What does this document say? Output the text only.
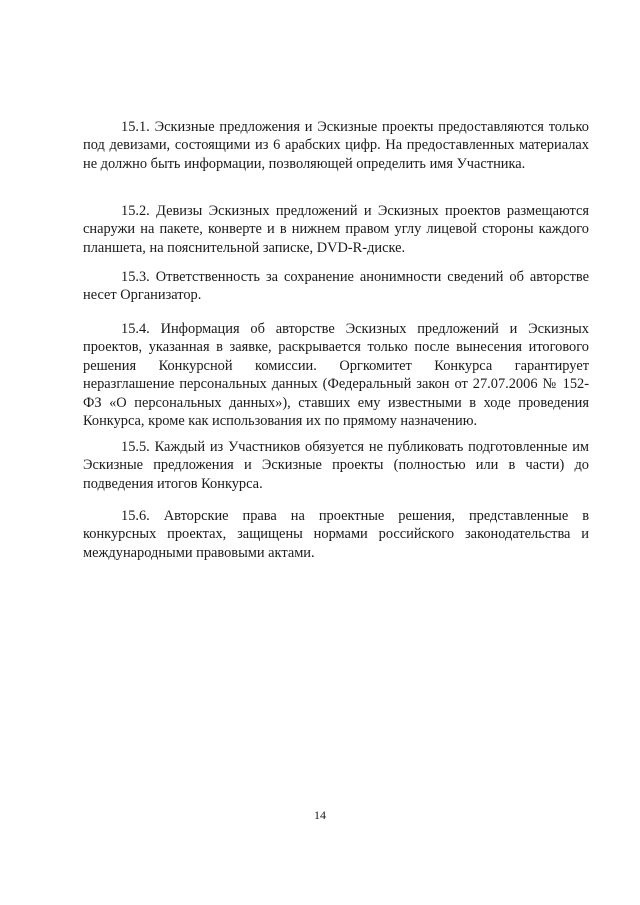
15.1. Эскизные предложения и Эскизные проекты предоставляются только под девизами, состоящими из 6 арабских цифр. На предоставленных материалах не должно быть информации, позволяющей определить имя Участника.

15.2. Девизы Эскизных предложений и Эскизных проектов размещаются снаружи на пакете, конверте и в нижнем правом углу лицевой стороны каждого планшета, на пояснительной записке, DVD-R-диске.

15.3. Ответственность за сохранение анонимности сведений об авторстве несет Организатор.

15.4. Информация об авторстве Эскизных предложений и Эскизных проектов, указанная в заявке, раскрывается только после вынесения итогового решения Конкурсной комиссии. Оргкомитет Конкурса гарантирует неразглашение персональных данных (Федеральный закон от 27.07.2006 № 152-ФЗ «О персональных данных»), ставших ему известными в ходе проведения Конкурса, кроме как использования их по прямому назначению.

15.5. Каждый из Участников обязуется не публиковать подготовленные им Эскизные предложения и Эскизные проекты (полностью или в части) до подведения итогов Конкурса.

15.6. Авторские права на проектные решения, представленные в конкурсных проектах, защищены нормами российского законодательства и международными правовыми актами.

14
